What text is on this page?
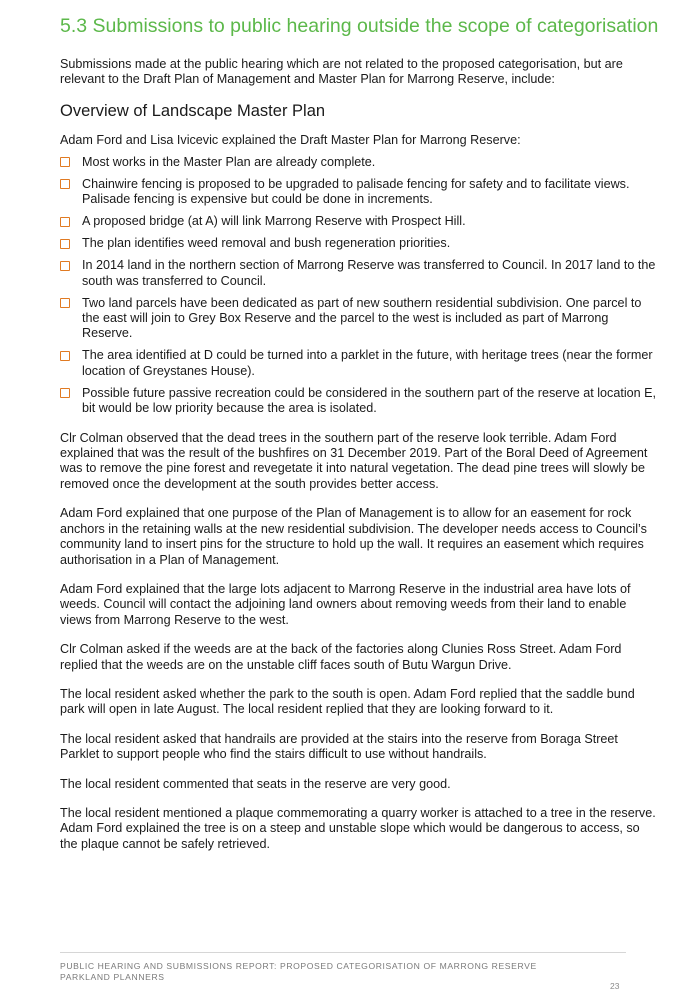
5.3 Submissions to public hearing outside the scope of categorisation

Submissions made at the public hearing which are not related to the proposed categorisation, but are relevant to the Draft Plan of Management and Master Plan for Marrong Reserve, include:

Overview of Landscape Master Plan

Adam Ford and Lisa Ivicevic explained the Draft Master Plan for Marrong Reserve:

Most works in the Master Plan are already complete.
Chainwire fencing is proposed to be upgraded to palisade fencing for safety and to facilitate views. Palisade fencing is expensive but could be done in increments.
A proposed bridge (at A) will link Marrong Reserve with Prospect Hill.
The plan identifies weed removal and bush regeneration priorities.
In 2014 land in the northern section of Marrong Reserve was transferred to Council. In 2017 land to the south was transferred to Council.
Two land parcels have been dedicated as part of new southern residential subdivision. One parcel to the east will join to Grey Box Reserve and the parcel to the west is included as part of Marrong Reserve.
The area identified at D could be turned into a parklet in the future, with heritage trees (near the former location of Greystanes House).
Possible future passive recreation could be considered in the southern part of the reserve at location E, bit would be low priority because the area is isolated.

Clr Colman observed that the dead trees in the southern part of the reserve look terrible. Adam Ford explained that was the result of the bushfires on 31 December 2019. Part of the Boral Deed of Agreement was to remove the pine forest and revegetate it into natural vegetation. The dead pine trees will slowly be removed once the development at the south provides better access.

Adam Ford explained that one purpose of the Plan of Management is to allow for an easement for rock anchors in the retaining walls at the new residential subdivision. The developer needs access to Council’s community land to insert pins for the structure to hold up the wall. It requires an easement which requires authorisation in a Plan of Management.

Adam Ford explained that the large lots adjacent to Marrong Reserve in the industrial area have lots of weeds. Council will contact the adjoining land owners about removing weeds from their land to enable views from Marrong Reserve to the west.

Clr Colman asked if the weeds are at the back of the factories along Clunies Ross Street. Adam Ford replied that the weeds are on the unstable cliff faces south of Butu Wargun Drive.

The local resident asked whether the park to the south is open. Adam Ford replied that the saddle bund park will open in late August. The local resident replied that they are looking forward to it.

The local resident asked that handrails are provided at the stairs into the reserve from Boraga Street Parklet to support people who find the stairs difficult to use without handrails.

The local resident commented that seats in the reserve are very good.

The local resident mentioned a plaque commemorating a quarry worker is attached to a tree in the reserve. Adam Ford explained the tree is on a steep and unstable slope which would be dangerous to access, so the plaque cannot be safely retrieved.

PUBLIC HEARING AND SUBMISSIONS REPORT: PROPOSED CATEGORISATION OF MARRONG RESERVE
PARKLAND PLANNERS
23
